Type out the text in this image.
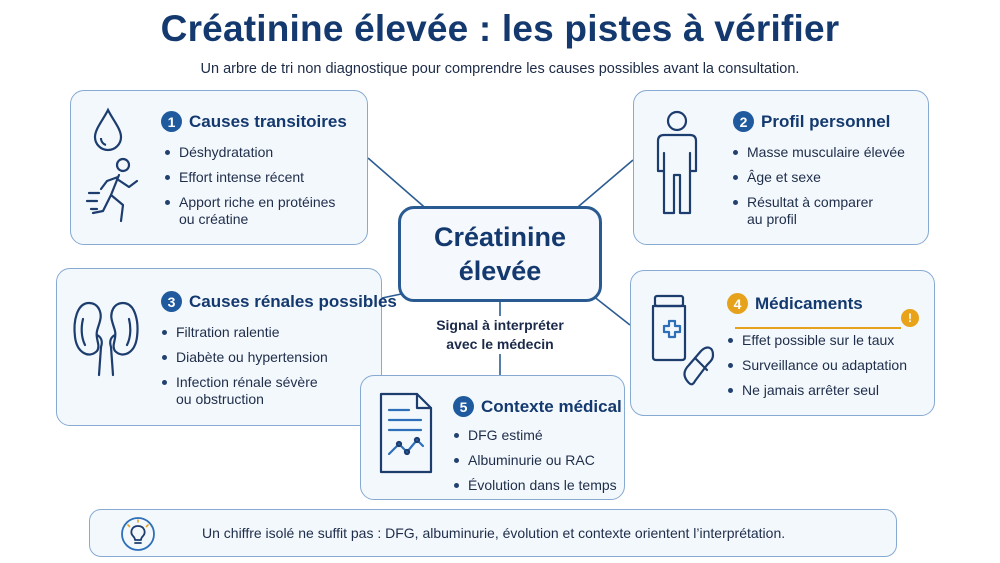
Créatinine élevée : les pistes à vérifier
Un arbre de tri non diagnostique pour comprendre les causes possibles avant la consultation.
1 Causes transitoires
Déshydratation
Effort intense récent
Apport riche en protéines
ou créatine
2 Profil personnel
Masse musculaire élevée
Âge et sexe
Résultat à comparer
au profil
3 Causes rénales possibles
Filtration ralentie
Diabète ou hypertension
Infection rénale sévère
ou obstruction
4 Médicaments
!
Effet possible sur le taux
Surveillance ou adaptation
Ne jamais arrêter seul
Créatinine
élevée
Signal à interpréter
avec le médecin
5 Contexte médical
DFG estimé
Albuminurie ou RAC
Évolution dans le temps
Un chiffre isolé ne suffit pas : DFG, albuminurie, évolution et contexte orientent l’interprétation.
